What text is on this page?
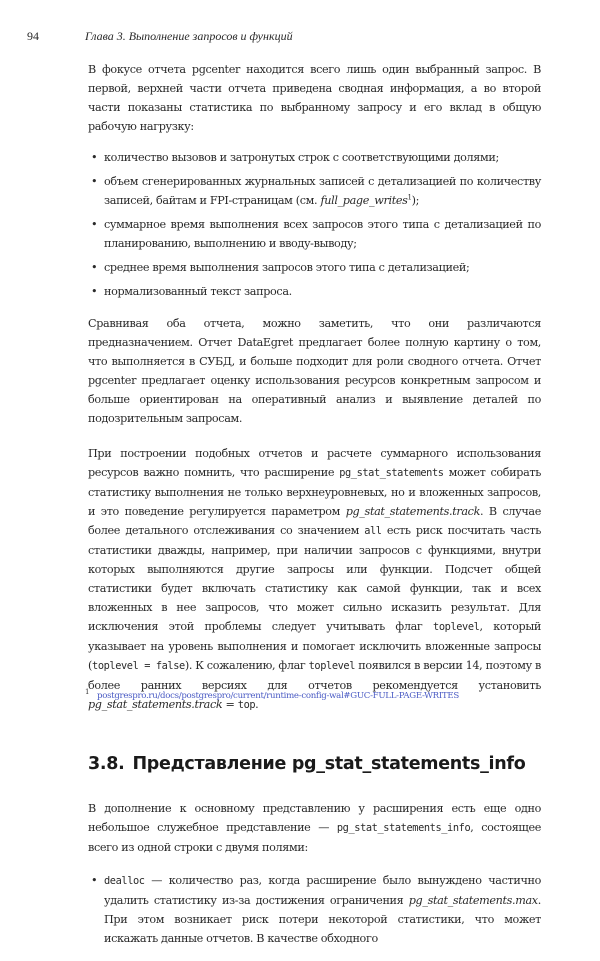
94	Глава 3. Выполнение запросов и функций

В фокусе отчета pgcenter находится всего лишь один выбранный запрос. В первой, верхней части отчета приведена сводная информация, а во второй части показаны статистика по выбранному запросу и его вклад в общую рабочую нагрузку:

• количество вызовов и затронутых строк с соответствующими долями;
• объем сгенерированных журнальных записей с детализацией по количеству записей, байтам и FPI-страницам (см. full_page_writes$^1$);
• суммарное время выполнения всех запросов этого типа с детализацией по планированию, выполнению и вводу-выводу;
• среднее время выполнения запросов этого типа с детализацией;
• нормализованный текст запроса.

Сравнивая оба отчета, можно заметить, что они различаются предназначением. Отчет DataEgret предлагает более полную картину о том, что выполняется в СУБД, и больше подходит для роли сводного отчета. Отчет pgcenter предлагает оценку использования ресурсов конкретным запросом и больше ориентирован на оперативный анализ и выявление деталей по подозрительным запросам.

При построении подобных отчетов и расчете суммарного использования ресурсов важно помнить, что расширение pg_stat_statements может собирать статистику выполнения не только верхнеуровневых, но и вложенных запросов, и это поведение регулируется параметром pg_stat_statements.track. В случае более детального отслеживания со значением all есть риск посчитать часть статистики дважды, например, при наличии запросов с функциями, внутри которых выполняются другие запросы или функции. Подсчет общей статистики будет включать статистику как самой функции, так и всех вложенных в нее запросов, что может сильно исказить результат. Для исключения этой проблемы следует учитывать флаг toplevel, который указывает на уровень выполнения и помогает исключить вложенные запросы (toplevel = false). К сожалению, флаг toplevel появился в версии 14, поэтому в более ранних версиях для отчетов рекомендуется установить pg_stat_statements.track = top.

3.8. Представление pg_stat_statements_info

В дополнение к основному представлению у расширения есть еще одно небольшое служебное представление — pg_stat_statements_info, состоящее всего из одной строки с двумя полями:

• dealloc — количество раз, когда расширение было вынуждено частично удалить статистику из-за достижения ограничения pg_stat_statements.max. При этом возникает риск потери некоторой статистики, что может искажать данные отчетов. В качестве обходного
1 postgrespro.ru/docs/postgrespro/current/runtime-config-wal#GUC-FULL-PAGE-WRITES
